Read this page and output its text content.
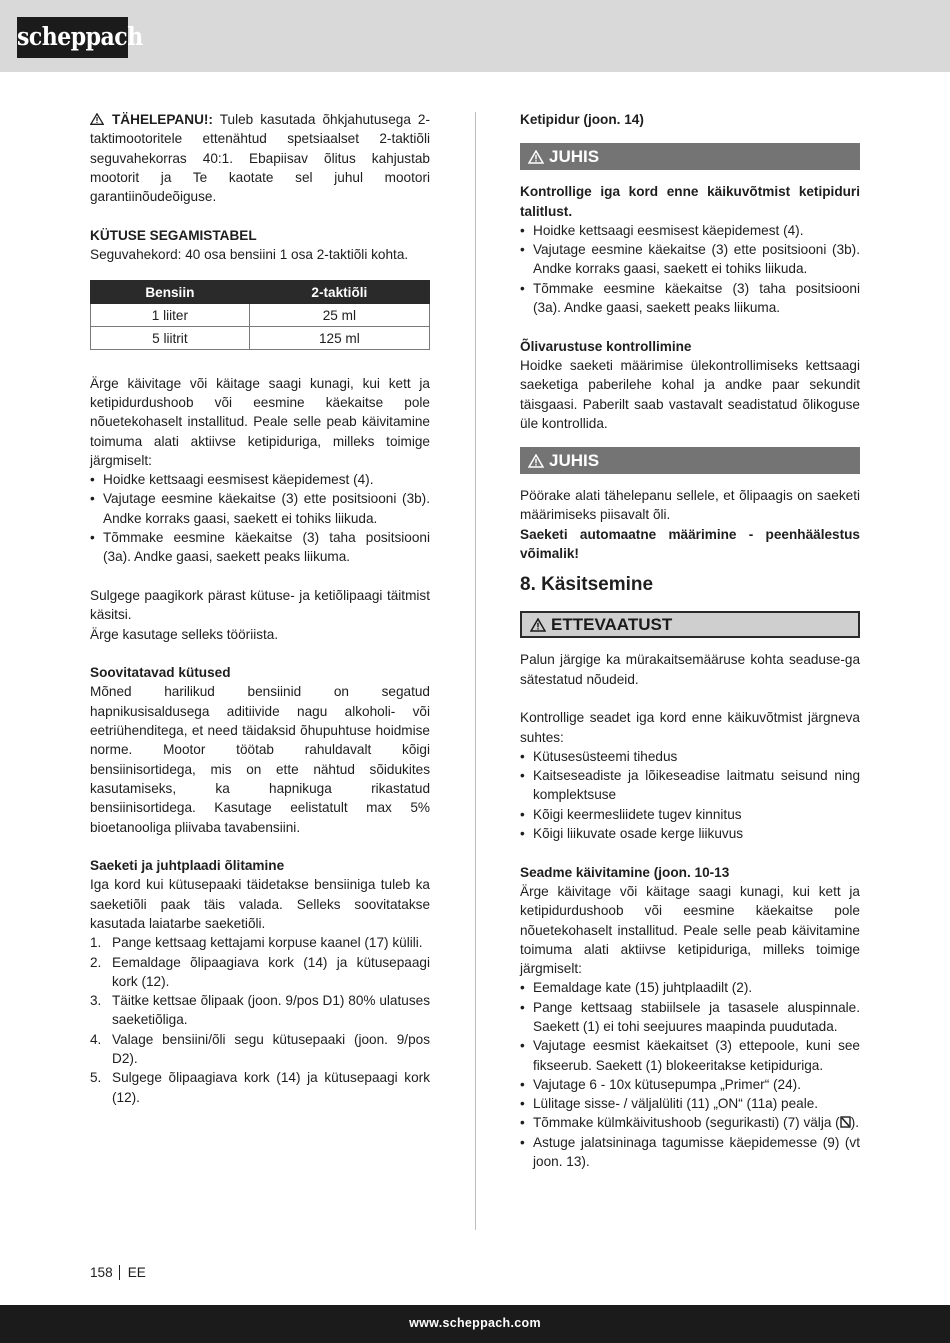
scheppach

TÄHELEPANU!: Tuleb kasutada õhkjahutusega 2-taktimootoritele ettenähtud spetsiaalset 2-taktiõli seguvahekorras 40:1. Ebapiisav õlitus kahjustab mootorit ja Te kaotate sel juhul mootori garantiinõudeõiguse.

KÜTUSE SEGAMISTABEL

Seguvahekord: 40 osa bensiini 1 osa 2-taktiõli kohta.

Bensiin	2-taktiõli
1 liiter	25 ml
5 liitrit	125 ml

Ärge käivitage või käitage saagi kunagi, kui kett ja ketipidurdushoob või eesmine käekaitse pole nõuetekohaselt installitud. Peale selle peab käivitamine toimuma alati aktiivse ketipiduriga, milleks toimige järgmiselt:

• Hoidke kettsaagi eesmisest käepidemest (4).
• Vajutage eesmine käekaitse (3) ette positsiooni (3b). Andke korraks gaasi, saekett ei tohiks liikuda.
• Tõmmake eesmine käekaitse (3) taha positsiooni (3a). Andke gaasi, saekett peaks liikuma.

Sulgege paagikork pärast kütuse- ja ketiõlipaagi täitmist käsitsi.

Ärge kasutage selleks tööriista.

Soovitatavad kütused

Mõned harilikud bensiinid on segatud hapnikusisaldusega aditiivide nagu alkoholi- või eetriühenditega, et need täidaksid õhupuhtuse hoidmise norme. Mootor töötab rahuldavalt kõigi bensiinisortidega, mis on ette nähtud sõidukites kasutamiseks, ka hapnikuga rikastatud bensiinisortidega. Kasutage eelistatult max 5% bioetanooliga pliivaba tavabensiini.

Saeketi ja juhtplaadi õlitamine

Iga kord kui kütusepaaki täidetakse bensiiniga tuleb ka saeketiõli paak täis valada. Selleks soovitatakse kasutada laiatarbe saeketiõli.

1. Pange kettsaag kettajami korpuse kaanel (17) külili.
2. Eemaldage õlipaagiava kork (14) ja kütusepaagi kork (12).
3. Täitke kettsae õlipaak (joon. 9/pos D1) 80% ulatuses saeketiõliga.
4. Valage bensiini/õli segu kütusepaaki (joon. 9/pos D2).
5. Sulgege õlipaagiava kork (14) ja kütusepaagi kork (12).

Ketipidur (joon. 14)

JUHIS

Kontrollige iga kord enne käikuvõtmist ketipiduri talitlust.

• Hoidke kettsaagi eesmisest käepidemest (4).
• Vajutage eesmine käekaitse (3) ette positsiooni (3b). Andke korraks gaasi, saekett ei tohiks liikuda.
• Tõmmake eesmine käekaitse (3) taha positsiooni (3a). Andke gaasi, saekett peaks liikuma.

Õlivarustuse kontrollimine

Hoidke saeketi määrimise ülekontrollimiseks kettsaagi saeketiga paberilehe kohal ja andke paar sekundit täisgaasi. Paberilt saab vastavalt seadistatud õlikoguse üle kontrollida.

JUHIS

Pöörake alati tähelepanu sellele, et õlipaagis on saeketi määrimiseks piisavalt õli.

Saeketi automaatne määrimine - peenhäälestus võimalik!

8. Käsitsemine
ETTEVAATUST

Palun järgige ka mürakaitsemääruse kohta seaduse-ga sätestatud nõudeid.

Kontrollige seadet iga kord enne käikuvõtmist järgneva suhtes:

• Kütusesüsteemi tihedus
• Kaitseseadiste ja lõikeseadise laitmatu seisund ning komplektsuse
• Kõigi keermesliidete tugev kinnitus
• Kõigi liikuvate osade kerge liikuvus

Seadme käivitamine (joon. 10-13

Ärge käivitage või käitage saagi kunagi, kui kett ja ketipidurdushoob või eesmine käekaitse pole nõuetekohaselt installitud. Peale selle peab käivitamine toimuma alati aktiivse ketipiduriga, milleks toimige järgmiselt:

• Eemaldage kate (15) juhtplaadilt (2).
• Pange kettsaag stabiilsele ja tasasele aluspinnale. Saekett (1) ei tohi seejuures maapinda puudutada.
• Vajutage eesmist käekaitset (3) ettepoole, kuni see fikseerub. Saekett (1) blokeeritakse ketipiduriga.
• Vajutage 6 - 10x kütusepumpa „Primer“ (24).
• Lülitage sisse- / väljalüliti (11) „ON“ (11a) peale.
• Tõmmake külmkäivitushoob (segurikasti) (7) välja ( ).
• Astuge jalatsininaga tagumisse käepidemesse (9) (vt joon. 13).
158 EE
www.scheppach.com
